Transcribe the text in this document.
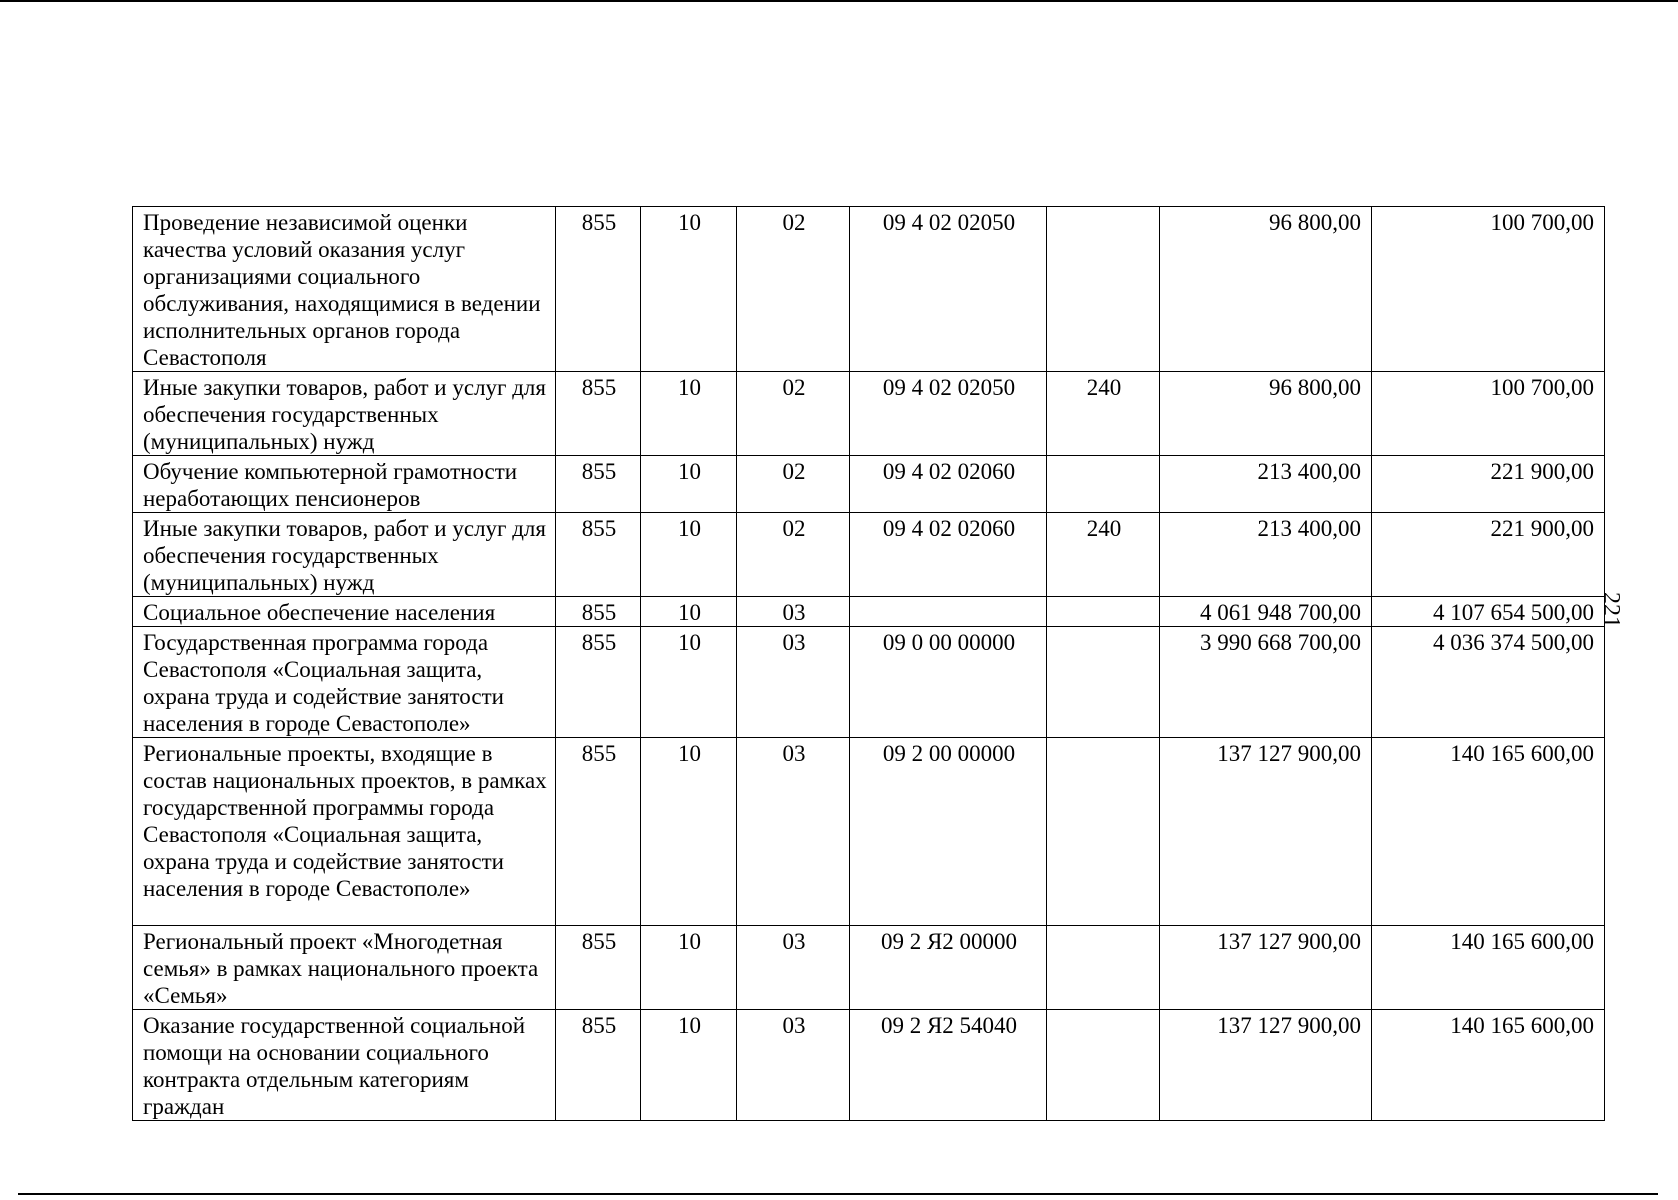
Проведение независимой оценки качества условий оказания услуг организациями социального обслуживания, находящимися в ведении исполнительных органов города Севастополя	855	10	02	09 4 02 02050		96 800,00	100 700,00
Иные закупки товаров, работ и услуг для обеспечения государственных (муниципальных) нужд	855	10	02	09 4 02 02050	240	96 800,00	100 700,00
Обучение компьютерной грамотности неработающих пенсионеров	855	10	02	09 4 02 02060		213 400,00	221 900,00
Иные закупки товаров, работ и услуг для обеспечения государственных (муниципальных) нужд	855	10	02	09 4 02 02060	240	213 400,00	221 900,00
Социальное обеспечение населения	855	10	03			4 061 948 700,00	4 107 654 500,00
Государственная программа города Севастополя «Социальная защита, охрана труда и содействие занятости населения в городе Севастополе»	855	10	03	09 0 00 00000		3 990 668 700,00	4 036 374 500,00
Региональные проекты, входящие в состав национальных проектов, в рамках государственной программы города Севастополя «Социальная защита, охрана труда и содействие занятости населения в городе Севастополе»	855	10	03	09 2 00 00000		137 127 900,00	140 165 600,00
Региональный проект «Многодетная семья» в рамках национального проекта «Семья»	855	10	03	09 2 Я2 00000		137 127 900,00	140 165 600,00
Оказание государственной социальной помощи на основании социального контракта отдельным категориям граждан	855	10	03	09 2 Я2 54040		137 127 900,00	140 165 600,00
221
